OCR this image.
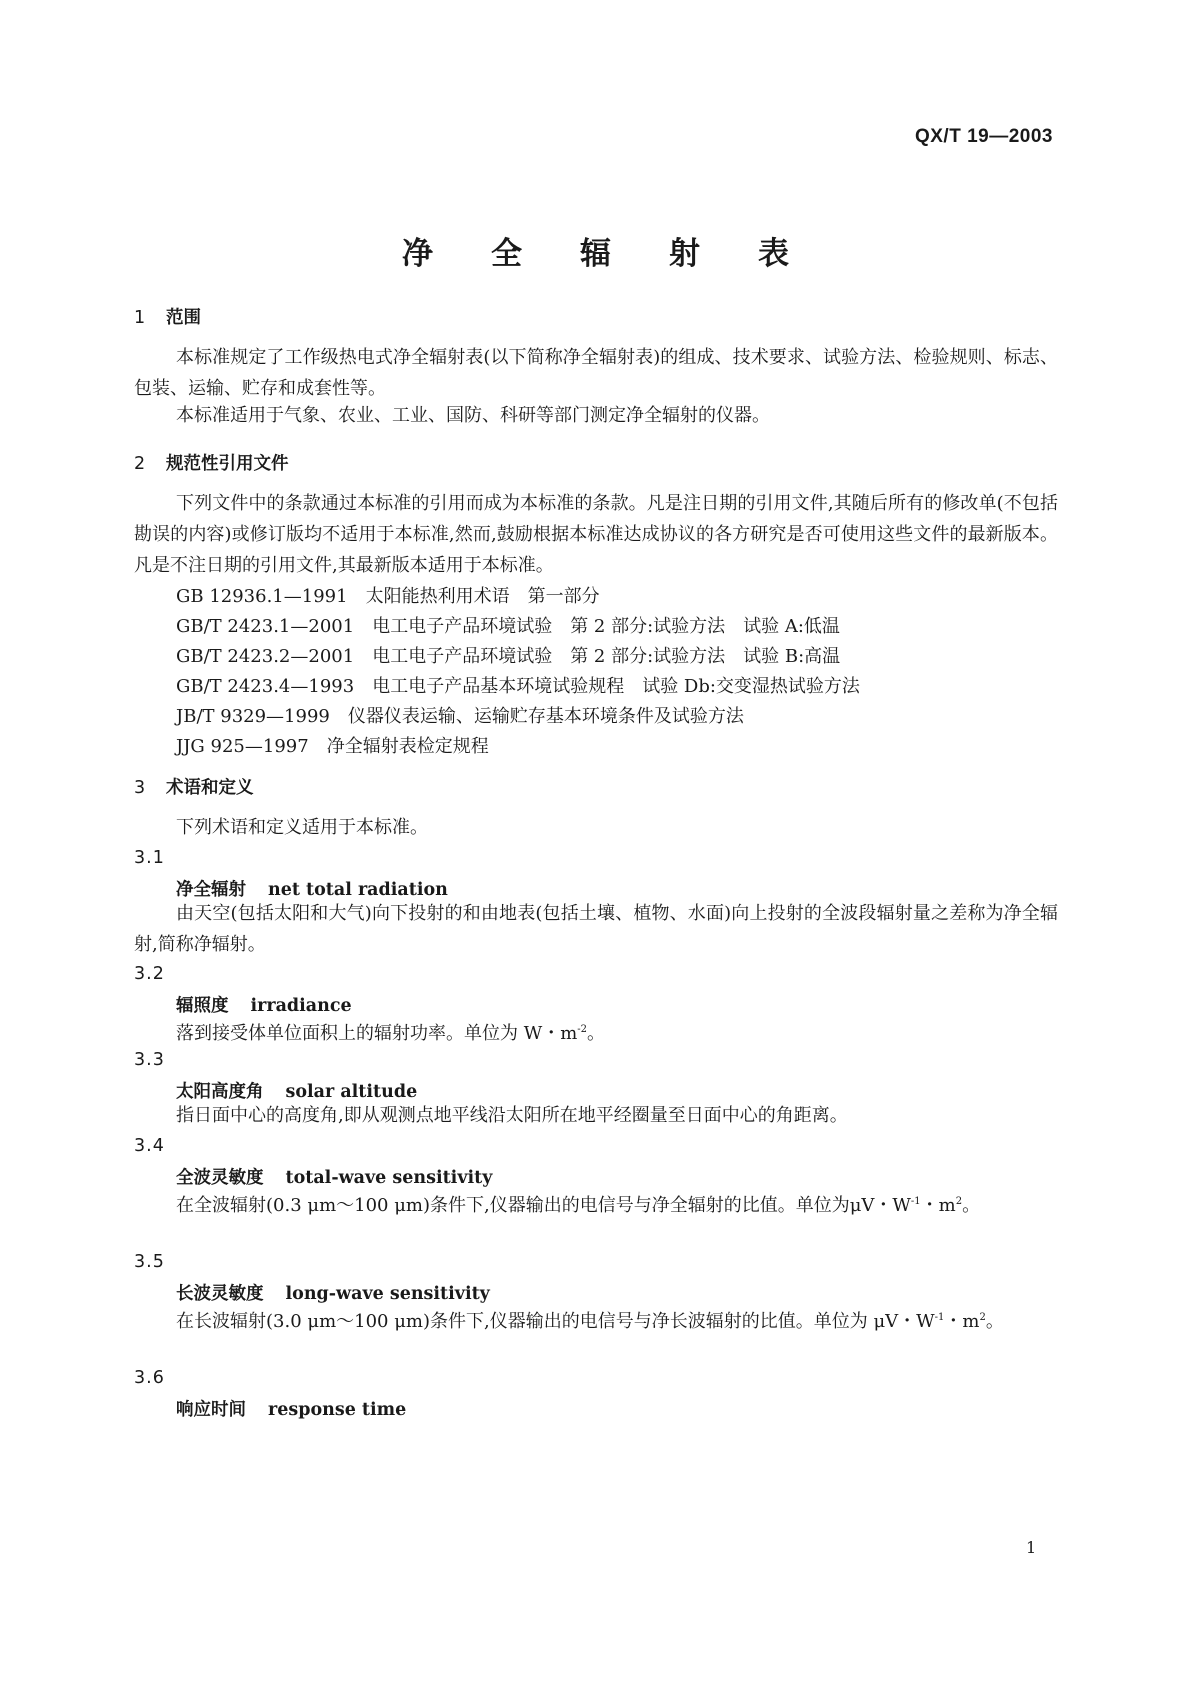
QX/T 19—2003
净全辐射表
1 范围
本标准规定了工作级热电式净全辐射表(以下简称净全辐射表)的组成、技术要求、试验方法、检验规则、标志、包装、运输、贮存和成套性等。
本标准适用于气象、农业、工业、国防、科研等部门测定净全辐射的仪器。
2 规范性引用文件
下列文件中的条款通过本标准的引用而成为本标准的条款。凡是注日期的引用文件,其随后所有的修改单(不包括勘误的内容)或修订版均不适用于本标准,然而,鼓励根据本标准达成协议的各方研究是否可使用这些文件的最新版本。凡是不注日期的引用文件,其最新版本适用于本标准。
GB 12936.1—1991　太阳能热利用术语　第一部分
GB/T 2423.1—2001　电工电子产品环境试验　第 2 部分:试验方法　试验 A:低温
GB/T 2423.2—2001　电工电子产品环境试验　第 2 部分:试验方法　试验 B:高温
GB/T 2423.4—1993　电工电子产品基本环境试验规程　试验 Db:交变湿热试验方法
JB/T 9329—1999　仪器仪表运输、运输贮存基本环境条件及试验方法
JJG 925—1997　净全辐射表检定规程
3 术语和定义
下列术语和定义适用于本标准。
3.1
净全辐射 net total radiation
由天空(包括太阳和大气)向下投射的和由地表(包括土壤、植物、水面)向上投射的全波段辐射量之差称为净全辐射,简称净辐射。
3.2
辐照度 irradiance
落到接受体单位面积上的辐射功率。单位为 W・$m^{-2}$。
3.3
太阳高度角 solar altitude
指日面中心的高度角,即从观测点地平线沿太阳所在地平经圈量至日面中心的角距离。
3.4
全波灵敏度 total-wave sensitivity
在全波辐射(0.3 μm～100 μm)条件下,仪器输出的电信号与净全辐射的比值。单位为μV・$W^{-1}$・$m^2$。
3.5
长波灵敏度 long-wave sensitivity
在长波辐射(3.0 μm～100 μm)条件下,仪器输出的电信号与净长波辐射的比值。单位为 μV・$W^{-1}$・$m^2$。
3.6
响应时间 response time
1
